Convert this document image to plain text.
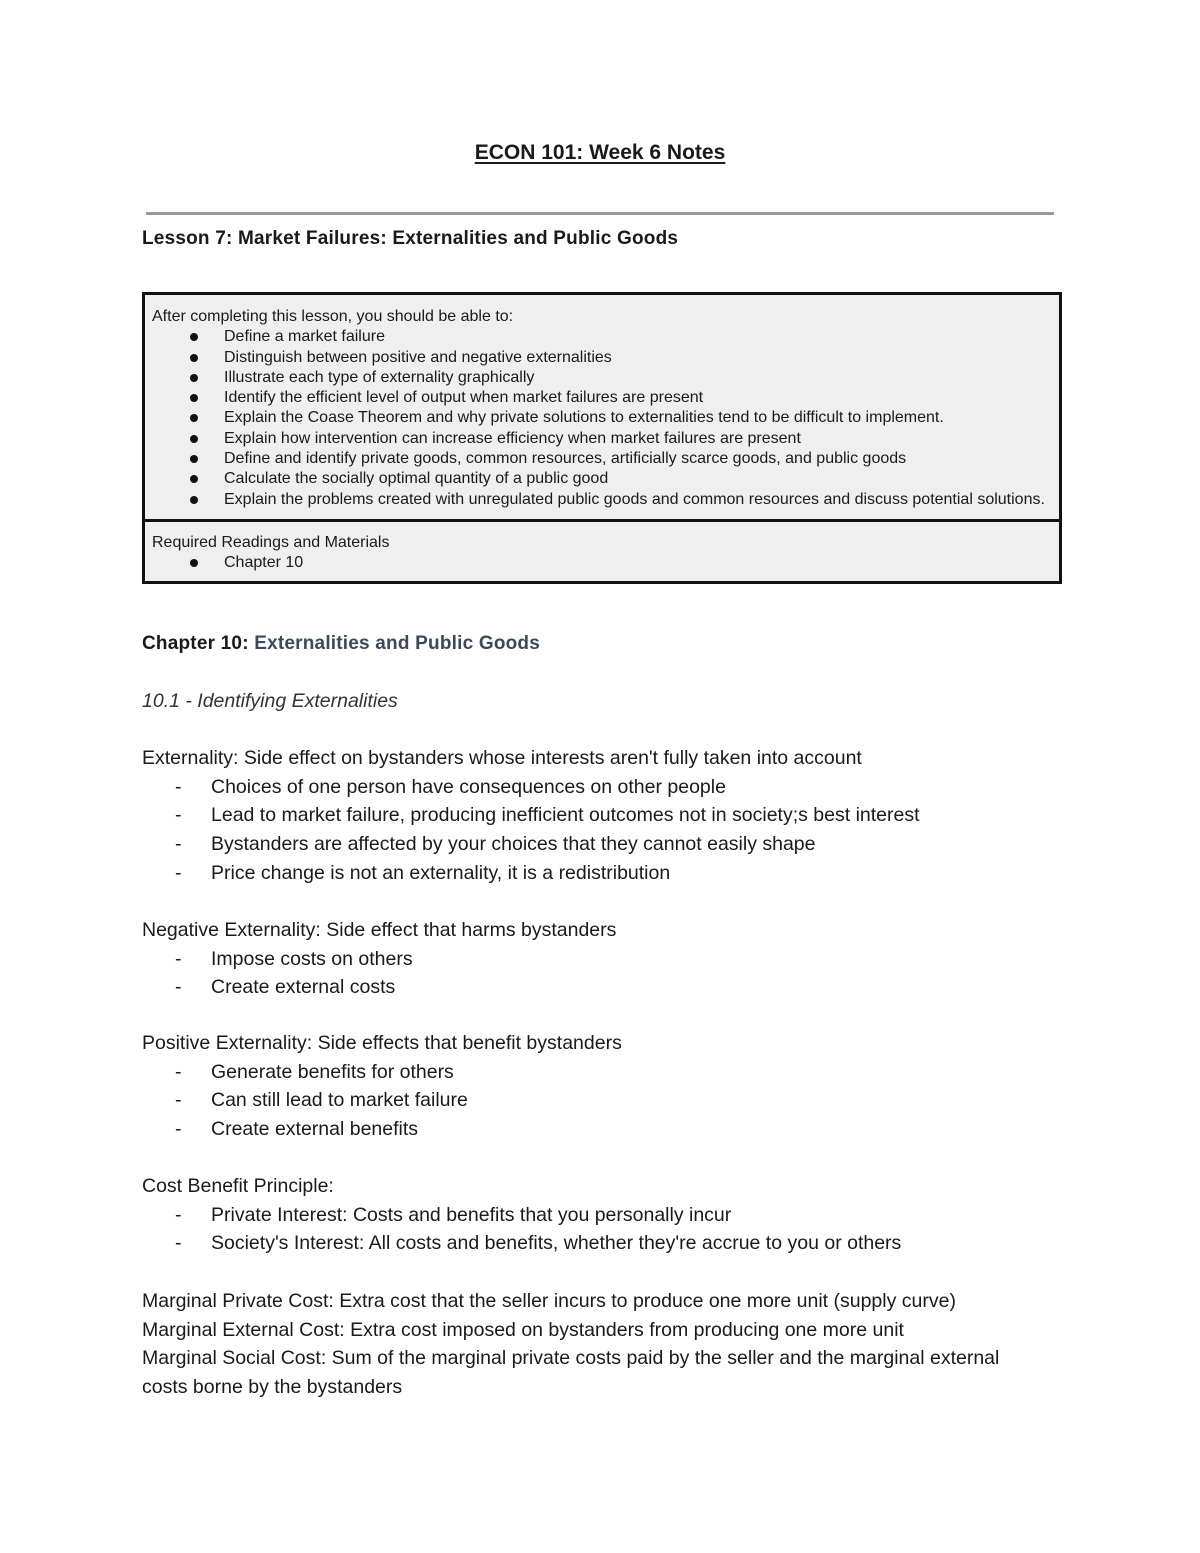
ECON 101: Week 6 Notes
Lesson 7: Market Failures: Externalities and Public Goods
After completing this lesson, you should be able to:
Define a market failure
Distinguish between positive and negative externalities
Illustrate each type of externality graphically
Identify the efficient level of output when market failures are present
Explain the Coase Theorem and why private solutions to externalities tend to be difficult to implement.
Explain how intervention can increase efficiency when market failures are present
Define and identify private goods, common resources, artificially scarce goods, and public goods
Calculate the socially optimal quantity of a public good
Explain the problems created with unregulated public goods and common resources and discuss potential solutions.
Required Readings and Materials
Chapter 10
Chapter 10: Externalities and Public Goods
10.1 - Identifying Externalities

Externality: Side effect on bystanders whose interests aren't fully taken into account

- Choices of one person have consequences on other people
- Lead to market failure, producing inefficient outcomes not in society;s best interest
- Bystanders are affected by your choices that they cannot easily shape
- Price change is not an externality, it is a redistribution

Negative Externality: Side effect that harms bystanders

- Impose costs on others
- Create external costs

Positive Externality: Side effects that benefit bystanders

- Generate benefits for others
- Can still lead to market failure
- Create external benefits

Cost Benefit Principle:

- Private Interest: Costs and benefits that you personally incur
- Society's Interest: All costs and benefits, whether they're accrue to you or others

Marginal Private Cost: Extra cost that the seller incurs to produce one more unit (supply curve)

Marginal External Cost: Extra cost imposed on bystanders from producing one more unit

Marginal Social Cost: Sum of the marginal private costs paid by the seller and the marginal external costs borne by the bystanders
